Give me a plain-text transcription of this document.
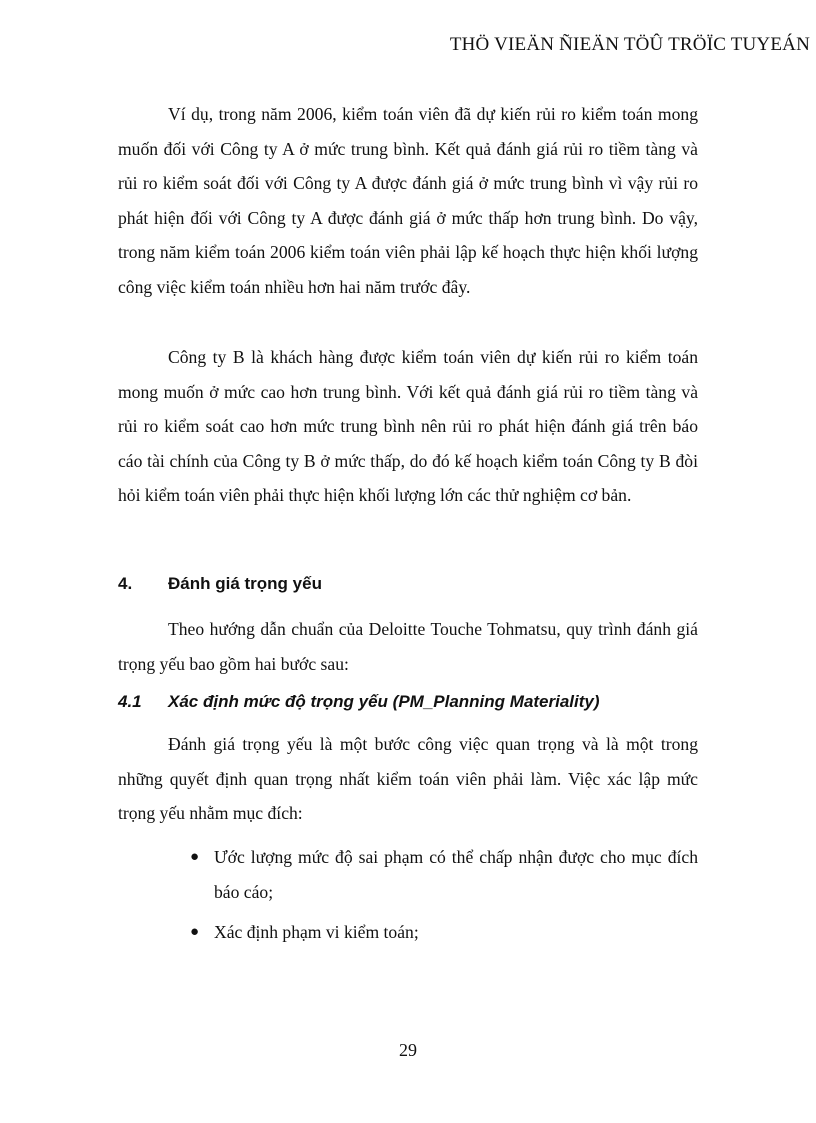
THÖ VIEÄN ÑIEÄN TÖÛ TRÖÏC TUYEÁN

Ví dụ, trong năm 2006, kiểm toán viên đã dự kiến rủi ro kiểm toán mong muốn đối với Công ty A ở mức trung bình. Kết quả đánh giá rủi ro tiềm tàng và rủi ro kiểm soát đối với Công ty A được đánh giá ở mức trung bình vì vậy rủi ro phát hiện đối với Công ty A được đánh giá ở mức thấp hơn trung bình. Do vậy, trong năm kiểm toán 2006 kiểm toán viên phải lập kế hoạch thực hiện khối lượng công việc kiểm toán nhiều hơn hai năm trước đây.

Công ty B là khách hàng được kiểm toán viên dự kiến rủi ro kiểm toán mong muốn ở mức cao hơn trung bình. Với kết quả đánh giá rủi ro tiềm tàng và rủi ro kiểm soát cao hơn mức trung bình nên rủi ro phát hiện đánh giá trên báo cáo tài chính của Công ty B ở mức thấp, do đó kế hoạch kiểm toán Công ty B đòi hỏi kiểm toán viên phải thực hiện khối lượng lớn các thử nghiệm cơ bản.

4. Đánh giá trọng yếu

Theo hướng dẫn chuẩn của Deloitte Touche Tohmatsu, quy trình đánh giá trọng yếu bao gồm hai bước sau:

4.1 Xác định mức độ trọng yếu (PM_Planning Materiality)

Đánh giá trọng yếu là một bước công việc quan trọng và là một trong những quyết định quan trọng nhất kiểm toán viên phải làm. Việc xác lập mức trọng yếu nhằm mục đích:

● Ước lượng mức độ sai phạm có thể chấp nhận được cho mục đích báo cáo;
● Xác định phạm vi kiểm toán;
29
